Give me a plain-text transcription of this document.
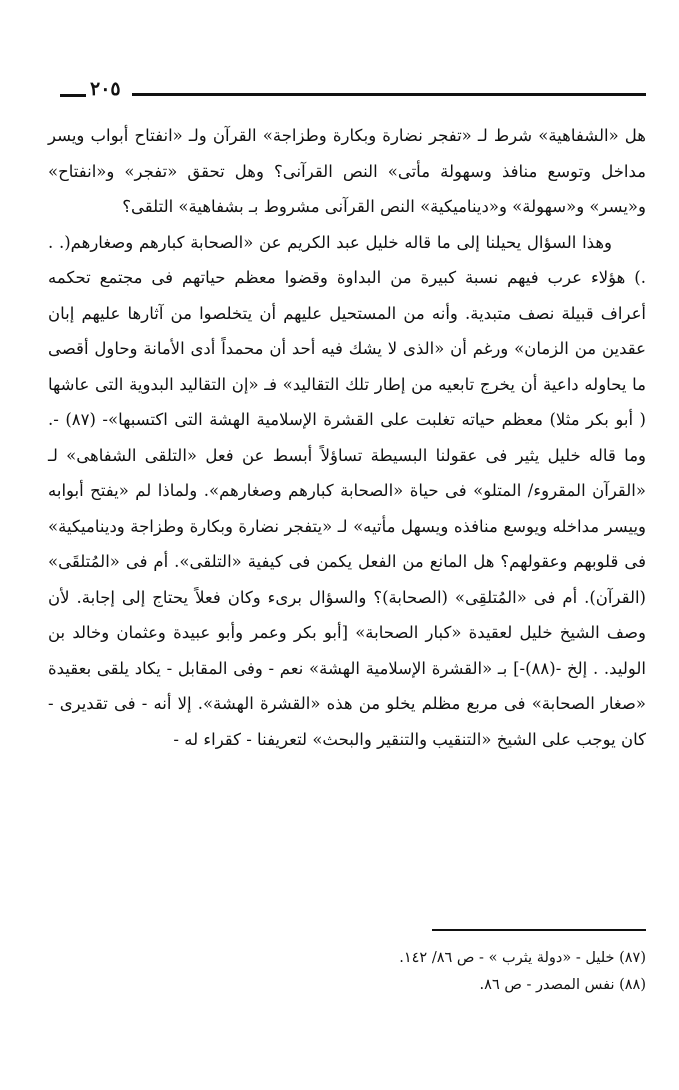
٢٠٥

هل «الشفاهية» شرط لـ «تفجر نضارة وبكارة وطزاجة» القرآن ولـ «انفتاح أبواب ويسر مداخل وتوسع منافذ وسهولة مأتى» النص القرآنى؟ وهل تحقق «تفجر» و«انفتاح» و«يسر» و«سهولة» و«ديناميكية» النص القرآنى مشروط بـ بشفاهية» التلقى؟

وهذا السؤال يحيلنا إلى ما قاله خليل عبد الكريم عن «الصحابة كبارهم وصغارهم(. . .) هؤلاء عرب فيهم نسبة كبيرة من البداوة وقضوا معظم حياتهم فى مجتمع تحكمه أعراف قبيلة نصف متبدية. وأنه من المستحيل عليهم أن يتخلصوا من آثارها عليهم إبان عقدين من الزمان» ورغم أن «الذى لا يشك فيه أحد أن محمداً أدى الأمانة وحاول أقصى ما يحاوله داعية أن يخرج تابعيه من إطار تلك التقاليد» فـ «إن التقاليد البدوية التى عاشها ( أبو بكر مثلا) معظم حياته تغلبت على القشرة الإسلامية الهشة التى اكتسبها»- (٨٧) -. وما قاله خليل يثير فى عقولنا البسيطة تساؤلاً أبسط عن فعل «التلقى الشفاهى» لـ «القرآن المقروء/ المتلو» فى حياة «الصحابة كبارهم وصغارهم». ولماذا لم «يفتح أبوابه وييسر مداخله ويوسع منافذه ويسهل مأتيه» لـ «يتفجر نضارة وبكارة وطزاجة وديناميكية» فى قلوبهم وعقولهم؟ هل المانع من الفعل يكمن فى كيفية «التلقى». أم فى «المُتلقَى» (القرآن). أم فى «المُتلقِى» (الصحابة)؟ والسؤال برىء وكان فعلاً يحتاج إلى إجابة. لأن وصف الشيخ خليل لعقيدة «كبار الصحابة» [أبو بكر وعمر وأبو عبيدة وعثمان وخالد بن الوليد. . إلخ -(٨٨)-] بـ «القشرة الإسلامية الهشة» نعم - وفى المقابل - يكاد يلقى بعقيدة «صغار الصحابة» فى مربع مظلم يخلو من هذه «القشرة الهشة». إلا أنه - فى تقديرى - كان يوجب على الشيخ «التنقيب والتنقير والبحث» لتعريفنا - كقراء له -

(٨٧) خليل - «دولة يثرب » - ص ٨٦/ ١٤٢.
(٨٨) نفس المصدر - ص ٨٦.
